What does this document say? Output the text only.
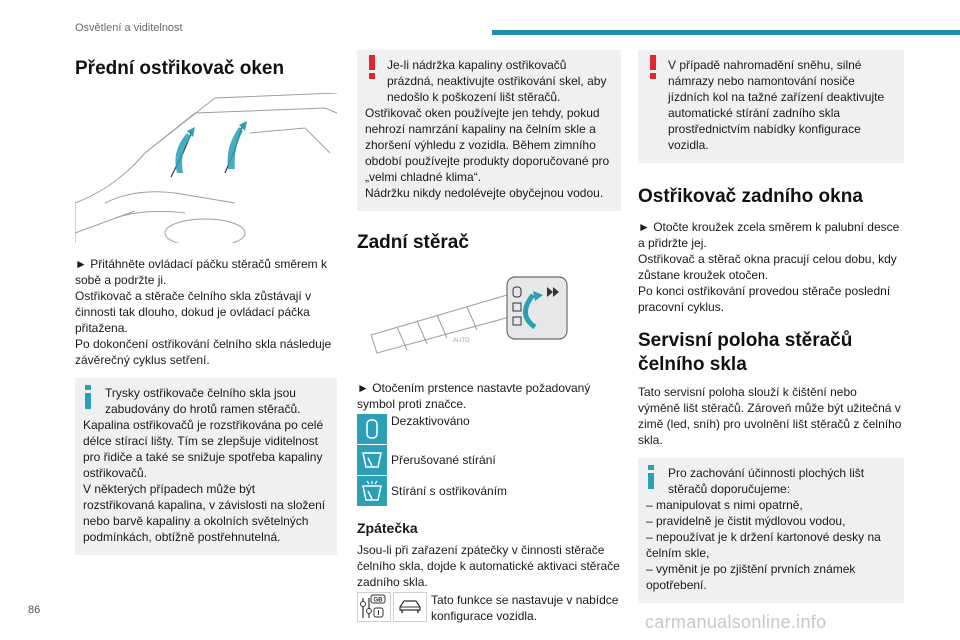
Osvětlení a viditelnost
Přední ostřikovač oken

► Přitáhněte ovládací páčku stěračů směrem k sobě a podržte ji.

Ostřikovač a stěrače čelního skla zůstávají v činnosti tak dlouho, dokud je ovládací páčka přitažena.

Po dokončení ostřikování čelního skla následuje závěrečný cyklus setření.

Trysky ostřikovače čelního skla jsou zabudovány do hrotů ramen stěračů.

Kapalina ostřikovačů je rozstřikována po celé délce stírací lišty. Tím se zlepšuje viditelnost pro řidiče a také se snižuje spotřeba kapaliny ostřikovačů.

V některých případech může být rozstřikovaná kapalina, v závislosti na složení nebo barvě kapaliny a okolních světelných podmínkách, obtížně postřehnutelná.

Je-li nádržka kapaliny ostřikovačů prázdná, neaktivujte ostřikování skel, aby nedošlo k poškození lišt stěračů.

Ostřikovač oken používejte jen tehdy, pokud nehrozí namrzání kapaliny na čelním skle a zhoršení výhledu z vozidla. Během zimního období používejte produkty doporučované pro „velmi chladné klima“.

Nádržku nikdy nedolévejte obyčejnou vodou.

Zadní stěrač
AUTO

► Otočením prstence nastavte požadovaný symbol proti značce.

Dezaktivováno
Přerušované stírání
Stírání s ostřikováním
Zpátečka

Jsou-li při zařazení zpátečky v činnosti stěrače čelního skla, dojde k automatické aktivaci stěrače zadního skla.

GB	Tato funkce se nastavuje v nabídce konfigurace vozidla.

V případě nahromadění sněhu, silné námrazy nebo namontování nosiče jízdních kol na tažné zařízení deaktivujte automatické stírání zadního skla prostřednictvím nabídky konfigurace vozidla.

Ostřikovač zadního okna

► Otočte kroužek zcela směrem k palubní desce a přidržte jej.

Ostřikovač a stěrač okna pracují celou dobu, kdy zůstane kroužek otočen.

Po konci ostřikování provedou stěrače poslední pracovní cyklus.

Servisní poloha stěračů čelního skla

Tato servisní poloha slouží k čištění nebo výměně lišt stěračů. Zároveň může být užitečná v zimě (led, sníh) pro uvolnění lišt stěračů z čelního skla.

Pro zachování účinnosti plochých lišt stěračů doporučujeme:

– manipulovat s nimi opatrně,

– pravidelně je čistit mýdlovou vodou,

– nepoužívat je k držení kartonové desky na čelním skle,

– vyměnit je po zjištění prvních známek opotřebení.

86
carmanualsonline.info
